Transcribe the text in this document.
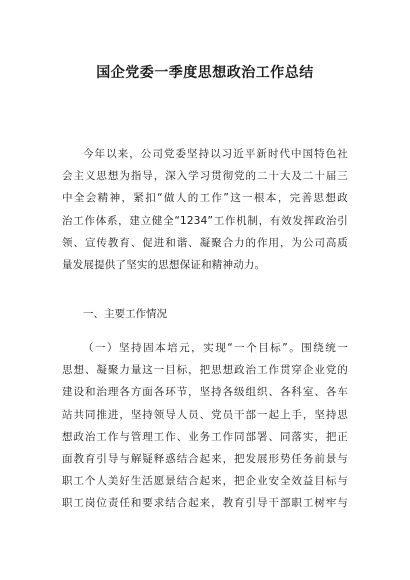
国企党委一季度思想政治工作总结
今年以来，公司党委坚持以习近平新时代中国特色社
会主义思想为指导，深入学习贯彻党的二十大及二十届三
中全会精神，紧扣“做人的工作”这一根本，完善思想政
治工作体系，建立健全“1234”工作机制，有效发挥政治引
领、宣传教育、促进和谐、凝聚合力的作用，为公司高质
量发展提供了坚实的思想保证和精神动力。
一、主要工作情况
（一）坚持固本培元，实现“一个目标”。围绕统一
思想、凝聚力量这一目标，把思想政治工作贯穿企业党的
建设和治理各方面各环节，坚持各级组织、各科室、各车
站共同推进，坚持领导人员、党员干部一起上手，坚持思
想政治工作与管理工作、业务工作同部署、同落实，把正
面教育引导与解疑释惑结合起来，把发展形势任务前景与
职工个人美好生活愿景结合起来，把企业安全效益目标与
职工岗位责任和要求结合起来，教育引导干部职工树牢与
